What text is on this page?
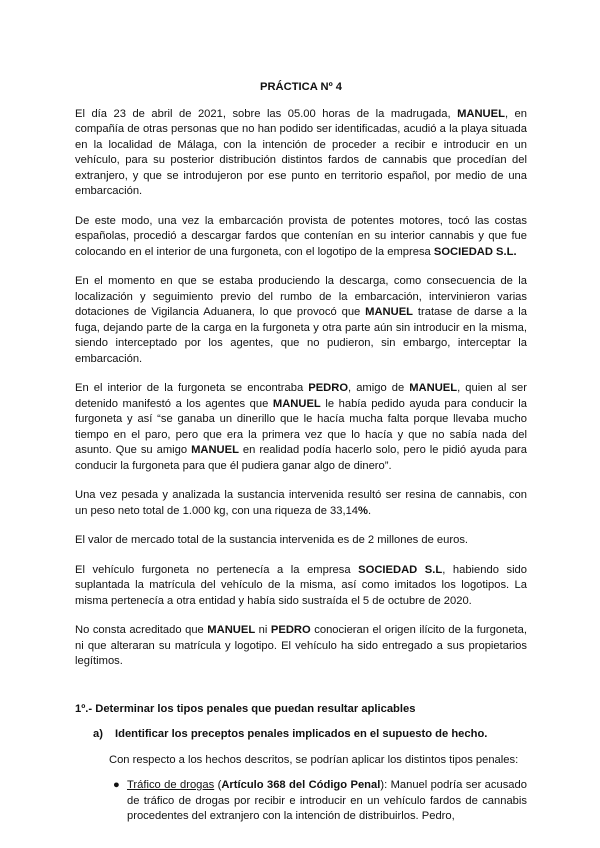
PRÁCTICA Nº 4

El día 23 de abril de 2021, sobre las 05.00 horas de la madrugada, MANUEL, en compañía de otras personas que no han podido ser identificadas, acudió a la playa situada en la localidad de Málaga, con la intención de proceder a recibir e introducir en un vehículo, para su posterior distribución distintos fardos de cannabis que procedían del extranjero, y que se introdujeron por ese punto en territorio español, por medio de una embarcación.

De este modo, una vez la embarcación provista de potentes motores, tocó las costas españolas, procedió a descargar fardos que contenían en su interior cannabis y que fue colocando en el interior de una furgoneta, con el logotipo de la empresa SOCIEDAD S.L.

En el momento en que se estaba produciendo la descarga, como consecuencia de la localización y seguimiento previo del rumbo de la embarcación, intervinieron varias dotaciones de Vigilancia Aduanera, lo que provocó que MANUEL tratase de darse a la fuga, dejando parte de la carga en la furgoneta y otra parte aún sin introducir en la misma, siendo interceptado por los agentes, que no pudieron, sin embargo, interceptar la embarcación.

En el interior de la furgoneta se encontraba PEDRO, amigo de MANUEL, quien al ser detenido manifestó a los agentes que MANUEL le había pedido ayuda para conducir la furgoneta y así “se ganaba un dinerillo que le hacía mucha falta porque llevaba mucho tiempo en el paro, pero que era la primera vez que lo hacía y que no sabía nada del asunto. Que su amigo MANUEL en realidad podía hacerlo solo, pero le pidió ayuda para conducir la furgoneta para que él pudiera ganar algo de dinero”.

Una vez pesada y analizada la sustancia intervenida resultó ser resina de cannabis, con un peso neto total de 1.000 kg, con una riqueza de 33,14%.

El valor de mercado total de la sustancia intervenida es de 2 millones de euros.

El vehículo furgoneta no pertenecía a la empresa SOCIEDAD S.L, habiendo sido suplantada la matrícula del vehículo de la misma, así como imitados los logotipos. La misma pertenecía a otra entidad y había sido sustraída el 5 de octubre de 2020.

No consta acreditado que MANUEL ni PEDRO conocieran el origen ilícito de la furgoneta, ni que alteraran su matrícula y logotipo. El vehículo ha sido entregado a sus propietarios legítimos.

1º.- Determinar los tipos penales que puedan resultar aplicables
a) Identificar los preceptos penales implicados en el supuesto de hecho.
Con respecto a los hechos descritos, se podrían aplicar los distintos tipos penales:
● Tráfico de drogas (Artículo 368 del Código Penal): Manuel podría ser acusado de tráfico de drogas por recibir e introducir en un vehículo fardos de cannabis procedentes del extranjero con la intención de distribuirlos. Pedro,
